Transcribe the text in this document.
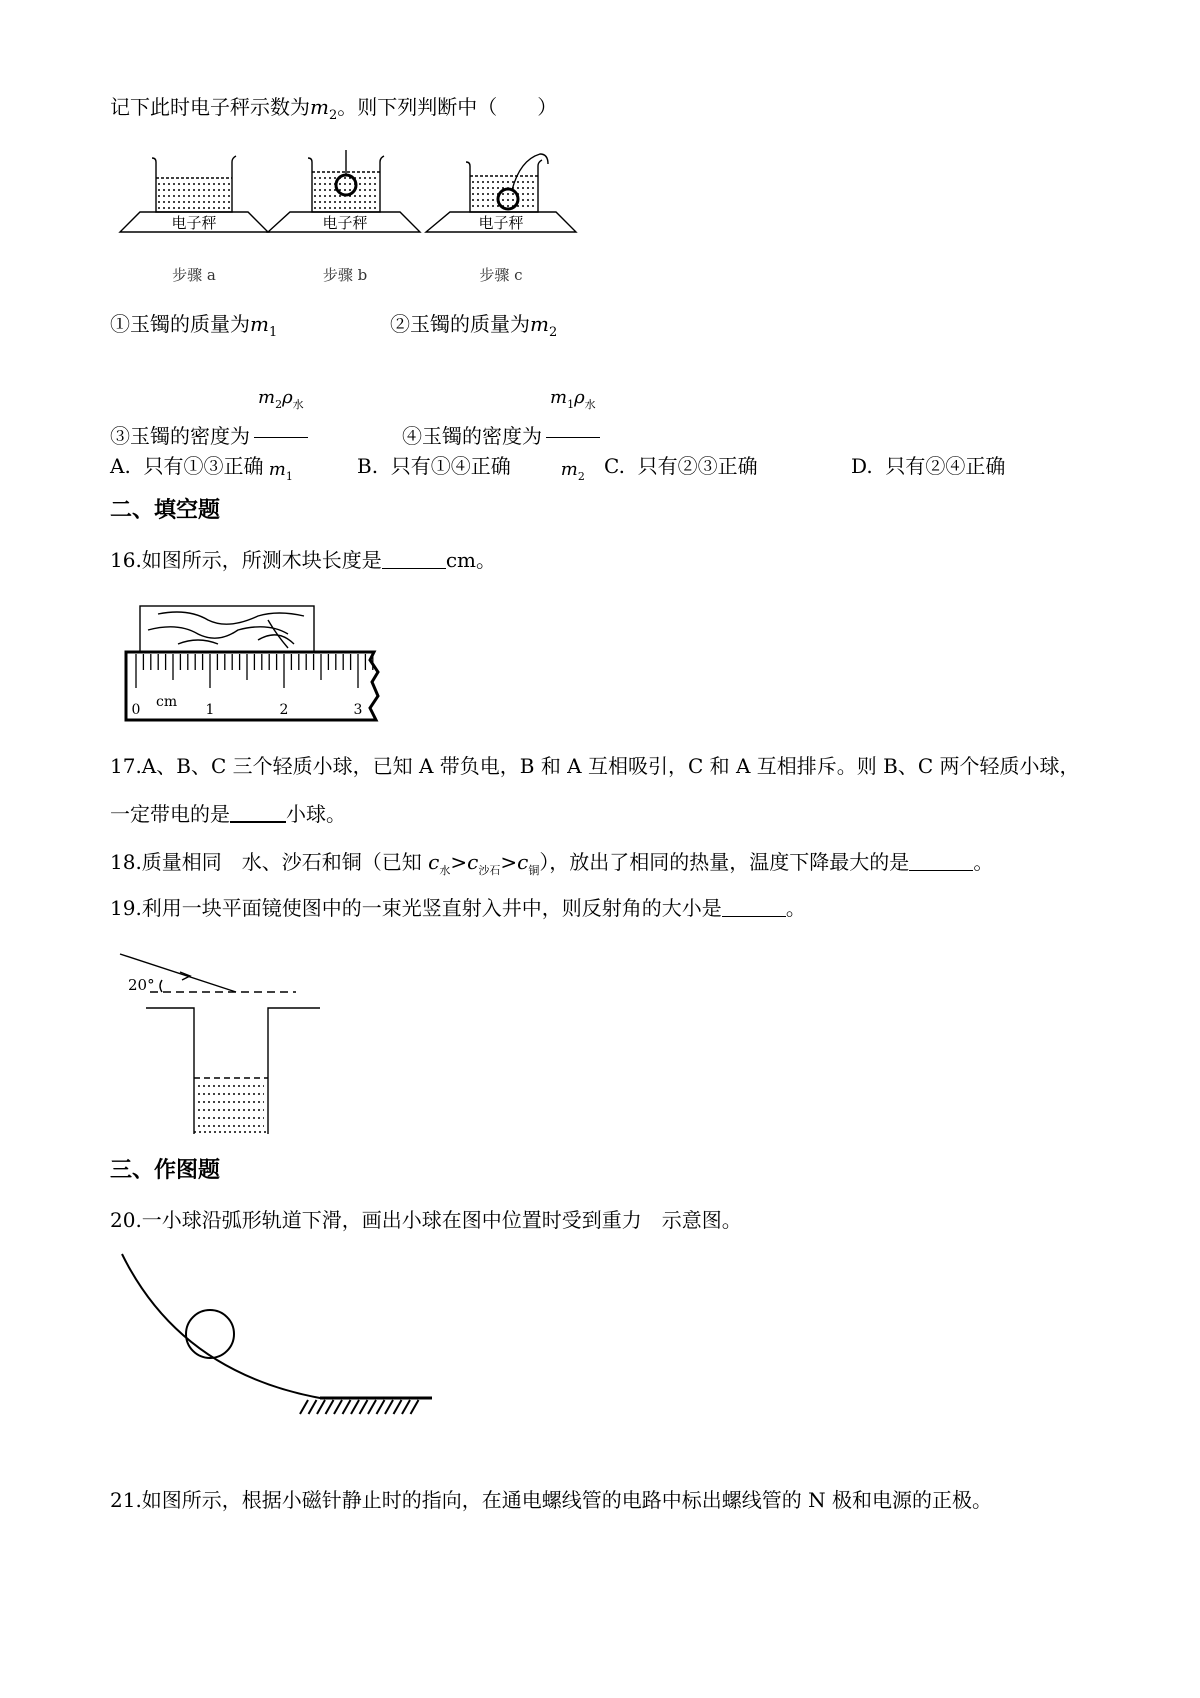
记下此时电子秤示数为$m_2$。则下列判断中（　　）
电子秤	电子秤	电子秤
步骤 a	步骤 b	步骤 c
①玉镯的质量为$m_1$	②玉镯的质量为$m_2$
③玉镯的密度为 $\frac{m_2\rho_水}{m_1}$	④玉镯的密度为 $\frac{m_1\rho_水}{m_2}$
A. 只有①③正确	B. 只有①④正确	C. 只有②③正确	D. 只有②④正确
二、填空题
16.如图所示，所测木块长度是	cm。
cm
0	1	2	3
17.A、B、C 三个轻质小球，已知 A 带负电，B 和 A 互相吸引，C 和 A 互相排斥。则 B、C 两个轻质小球，
一定带电的是	小球。
18.质量相同　水、沙石和铜（已知 $c_水>c_{沙石}>c_铜$），放出了相同的热量，温度下降最大的是	。
19.利用一块平面镜使图中的一束光竖直射入井中，则反射角的大小是	。
20°
三、作图题
20.一小球沿弧形轨道下滑，画出小球在图中位置时受到重力　示意图。
21.如图所示，根据小磁针静止时的指向，在通电螺线管的电路中标出螺线管的 N 极和电源的正极。
